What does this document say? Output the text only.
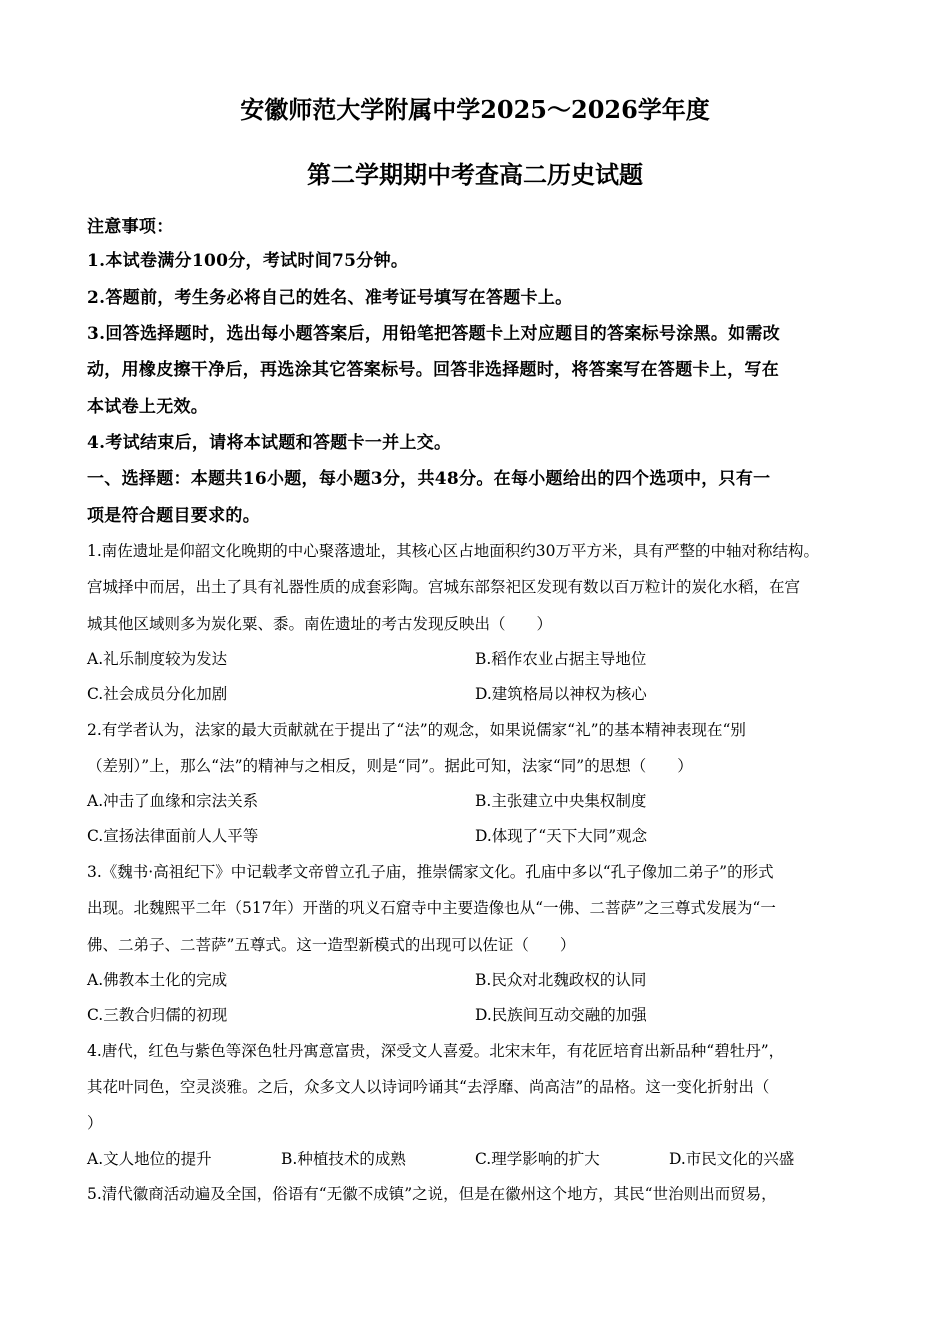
安徽师范大学附属中学2025～2026学年度
第二学期期中考查高二历史试题
注意事项：
1.本试卷满分100分，考试时间75分钟。
2.答题前，考生务必将自己的姓名、准考证号填写在答题卡上。
3.回答选择题时，选出每小题答案后，用铅笔把答题卡上对应题目的答案标号涂黑。如需改
动，用橡皮擦干净后，再选涂其它答案标号。回答非选择题时，将答案写在答题卡上，写在
本试卷上无效。
4.考试结束后，请将本试题和答题卡一并上交。
一、选择题：本题共16小题，每小题3分，共48分。在每小题给出的四个选项中，只有一
项是符合题目要求的。
1.南佐遗址是仰韶文化晚期的中心聚落遗址，其核心区占地面积约30万平方米，具有严整的中轴对称结构。
宫城择中而居，出土了具有礼器性质的成套彩陶。宫城东部祭祀区发现有数以百万粒计的炭化水稻，在宫
城其他区域则多为炭化粟、黍。南佐遗址的考古发现反映出（　　）
A.礼乐制度较为发达	B.稻作农业占据主导地位
C.社会成员分化加剧	D.建筑格局以神权为核心
2.有学者认为，法家的最大贡献就在于提出了“法”的观念，如果说儒家“礼”的基本精神表现在“别
（差别）”上，那么“法”的精神与之相反，则是“同”。据此可知，法家“同”的思想（　　）
A.冲击了血缘和宗法关系	B.主张建立中央集权制度
C.宣扬法律面前人人平等	D.体现了“天下大同”观念
3.《魏书·高祖纪下》中记载孝文帝曾立孔子庙，推崇儒家文化。孔庙中多以“孔子像加二弟子”的形式
出现。北魏熙平二年（517年）开凿的巩义石窟寺中主要造像也从“一佛、二菩萨”之三尊式发展为“一
佛、二弟子、二菩萨”五尊式。这一造型新模式的出现可以佐证（　　）
A.佛教本土化的完成	B.民众对北魏政权的认同
C.三教合归儒的初现	D.民族间互动交融的加强
4.唐代，红色与紫色等深色牡丹寓意富贵，深受文人喜爱。北宋末年，有花匠培育出新品种“碧牡丹”，
其花叶同色，空灵淡雅。之后，众多文人以诗词吟诵其“去浮靡、尚高洁”的品格。这一变化折射出（
）
A.文人地位的提升	B.种植技术的成熟	C.理学影响的扩大	D.市民文化的兴盛
5.清代徽商活动遍及全国，俗语有“无徽不成镇”之说，但是在徽州这个地方，其民“世治则出而贸易，
